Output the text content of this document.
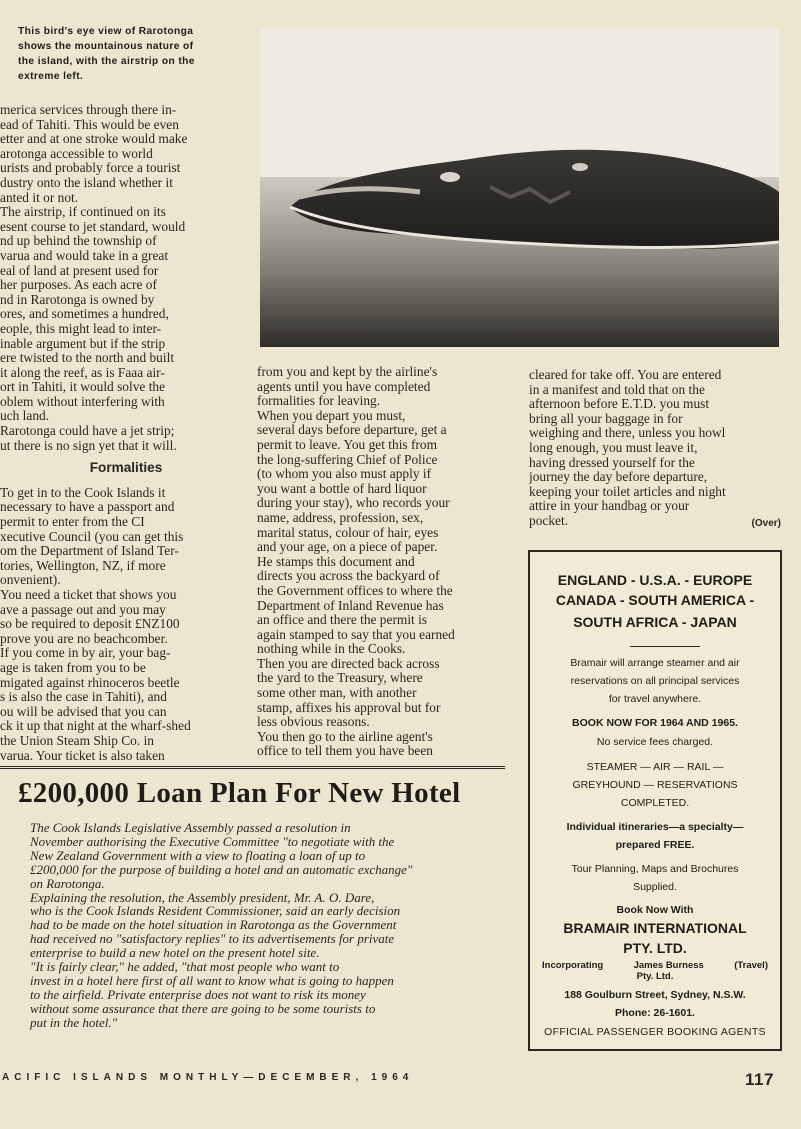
This bird's eye view of Rarotonga
shows the mountainous nature of
the island, with the airstrip on the
extreme left.
merica services through there in-
ead of Tahiti. This would be even
etter and at one stroke would make
arotonga accessible to world
urists and probably force a tourist
dustry onto the island whether it
anted it or not.
The airstrip, if continued on its
esent course to jet standard, would
nd up behind the township of
varua and would take in a great
eal of land at present used for
her purposes. As each acre of
nd in Rarotonga is owned by
ores, and sometimes a hundred,
eople, this might lead to inter-
inable argument but if the strip
ere twisted to the north and built
it along the reef, as is Faaa air-
ort in Tahiti, it would solve the
oblem without interfering with
uch land.
Rarotonga could have a jet strip;
ut there is no sign yet that it will.
Formalities
To get in to the Cook Islands it
necessary to have a passport and
permit to enter from the CI
xecutive Council (you can get this
om the Department of Island Ter-
tories, Wellington, NZ, if more
onvenient).
You need a ticket that shows you
ave a passage out and you may
so be required to deposit £NZ100
prove you are no beachcomber.
If you come in by air, your bag-
age is taken from you to be
migated against rhinoceros beetle
s is also the case in Tahiti), and
ou will be advised that you can
ck it up that night at the wharf-shed
the Union Steam Ship Co. in
varua. Your ticket is also taken
from you and kept by the airline's
agents until you have completed
formalities for leaving.
When you depart you must,
several days before departure, get a
permit to leave. You get this from
the long-suffering Chief of Police
(to whom you also must apply if
you want a bottle of hard liquor
during your stay), who records your
name, address, profession, sex,
marital status, colour of hair, eyes
and your age, on a piece of paper.
He stamps this document and
directs you across the backyard of
the Government offices to where the
Department of Inland Revenue has
an office and there the permit is
again stamped to say that you earned
nothing while in the Cooks.
Then you are directed back across
the yard to the Treasury, where
some other man, with another
stamp, affixes his approval but for
less obvious reasons.
You then go to the airline agent's
office to tell them you have been
cleared for take off. You are entered
in a manifest and told that on the
afternoon before E.T.D. you must
bring all your baggage in for
weighing and there, unless you howl
long enough, you must leave it,
having dressed yourself for the
journey the day before departure,
keeping your toilet articles and night
attire in your handbag or your
pocket.	(Over)
£200,000 Loan Plan For New Hotel
The Cook Islands Legislative Assembly passed a resolution in
November authorising the Executive Committee "to negotiate with the
New Zealand Government with a view to floating a loan of up to
£200,000 for the purpose of building a hotel and an automatic exchange"
on Rarotonga.
Explaining the resolution, the Assembly president, Mr. A. O. Dare,
who is the Cook Islands Resident Commissioner, said an early decision
had to be made on the hotel situation in Rarotonga as the Government
had received no "satisfactory replies" to its advertisements for private
enterprise to build a new hotel on the present hotel site.
"It is fairly clear," he added, "that most people who want to
invest in a hotel here first of all want to know what is going to happen
to the airfield. Private enterprise does not want to risk its money
without some assurance that there are going to be some tourists to
put in the hotel."
ENGLAND - U.S.A. - EUROPE
CANADA - SOUTH AMERICA -
SOUTH AFRICA - JAPAN
Bramair will arrange steamer and air
reservations on all principal services
for travel anywhere.
BOOK NOW FOR 1964 AND 1965.
No service fees charged.
STEAMER — AIR — RAIL —
GREYHOUND — RESERVATIONS
COMPLETED.
Individual itineraries—a specialty—
prepared FREE.
Tour Planning, Maps and Brochures
Supplied.
Book Now With
BRAMAIR INTERNATIONAL
PTY. LTD.
Incorporating	James Burness	(Travel)
Pty. Ltd.
188 Goulburn Street, Sydney, N.S.W.
Phone: 26-1601.
OFFICIAL PASSENGER BOOKING AGENTS
ACIFIC ISLANDS MONTHLY—DECEMBER, 1964	117
